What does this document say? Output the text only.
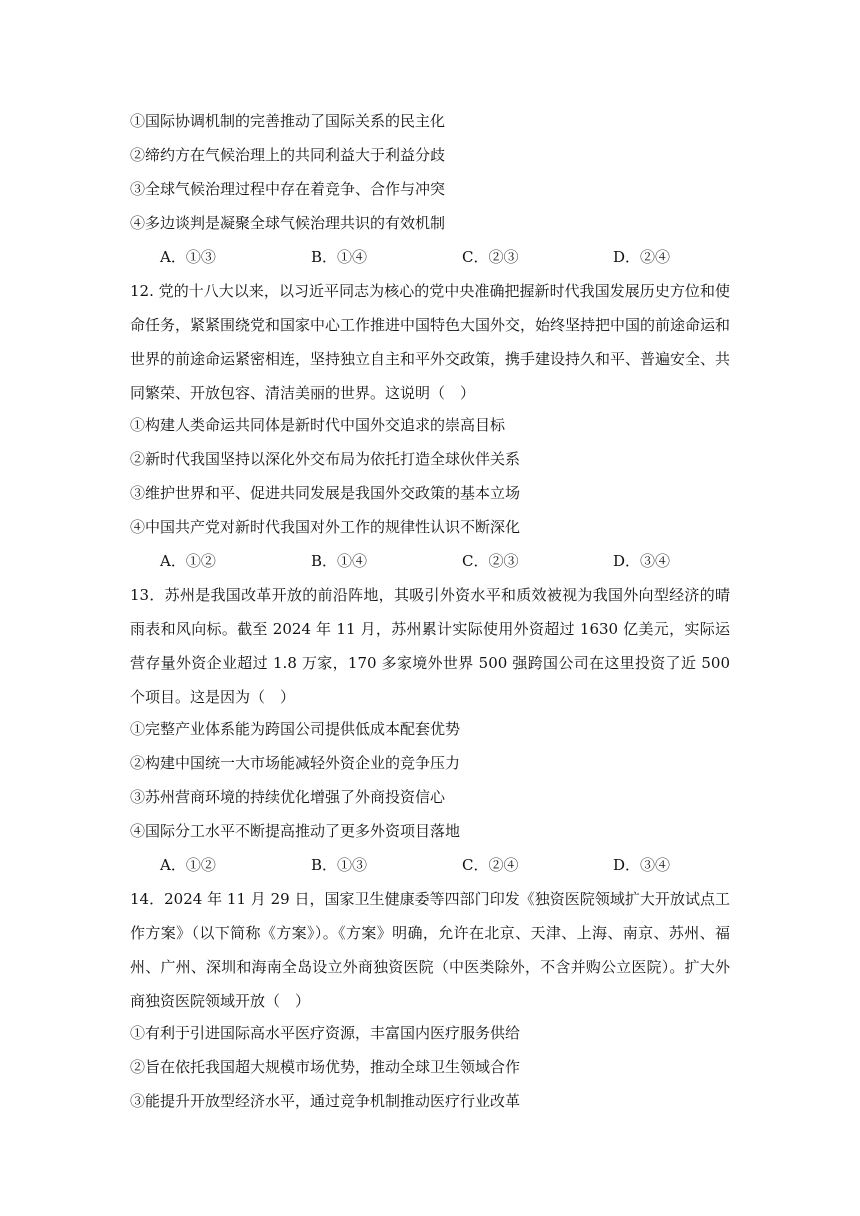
①国际协调机制的完善推动了国际关系的民主化
②缔约方在气候治理上的共同利益大于利益分歧
③全球气候治理过程中存在着竞争、合作与冲突
④多边谈判是凝聚全球气候治理共识的有效机制
A．①③	B．①④	C．②③	D．②④
12. 党的十八大以来，以习近平同志为核心的党中央准确把握新时代我国发展历史方位和使命任务，紧紧围绕党和国家中心工作推进中国特色大国外交，始终坚持把中国的前途命运和世界的前途命运紧密相连，坚持独立自主和平外交政策，携手建设持久和平、普遍安全、共同繁荣、开放包容、清洁美丽的世界。这说明（　）
①构建人类命运共同体是新时代中国外交追求的崇高目标
②新时代我国坚持以深化外交布局为依托打造全球伙伴关系
③维护世界和平、促进共同发展是我国外交政策的基本立场
④中国共产党对新时代我国对外工作的规律性认识不断深化
A．①②	B．①④	C．②③	D．③④
13．苏州是我国改革开放的前沿阵地，其吸引外资水平和质效被视为我国外向型经济的晴雨表和风向标。截至 2024 年 11 月，苏州累计实际使用外资超过 1630 亿美元，实际运营存量外资企业超过 1.8 万家，170 多家境外世界 500 强跨国公司在这里投资了近 500 个项目。这是因为（　）
①完整产业体系能为跨国公司提供低成本配套优势
②构建中国统一大市场能减轻外资企业的竞争压力
③苏州营商环境的持续优化增强了外商投资信心
④国际分工水平不断提高推动了更多外资项目落地
A．①②	B．①③	C．②④	D．③④
14．2024 年 11 月 29 日，国家卫生健康委等四部门印发《独资医院领域扩大开放试点工作方案》（以下简称《方案》）。《方案》明确，允许在北京、天津、上海、南京、苏州、福州、广州、深圳和海南全岛设立外商独资医院（中医类除外，不含并购公立医院）。扩大外商独资医院领域开放（　）
①有利于引进国际高水平医疗资源，丰富国内医疗服务供给
②旨在依托我国超大规模市场优势，推动全球卫生领域合作
③能提升开放型经济水平，通过竞争机制推动医疗行业改革
